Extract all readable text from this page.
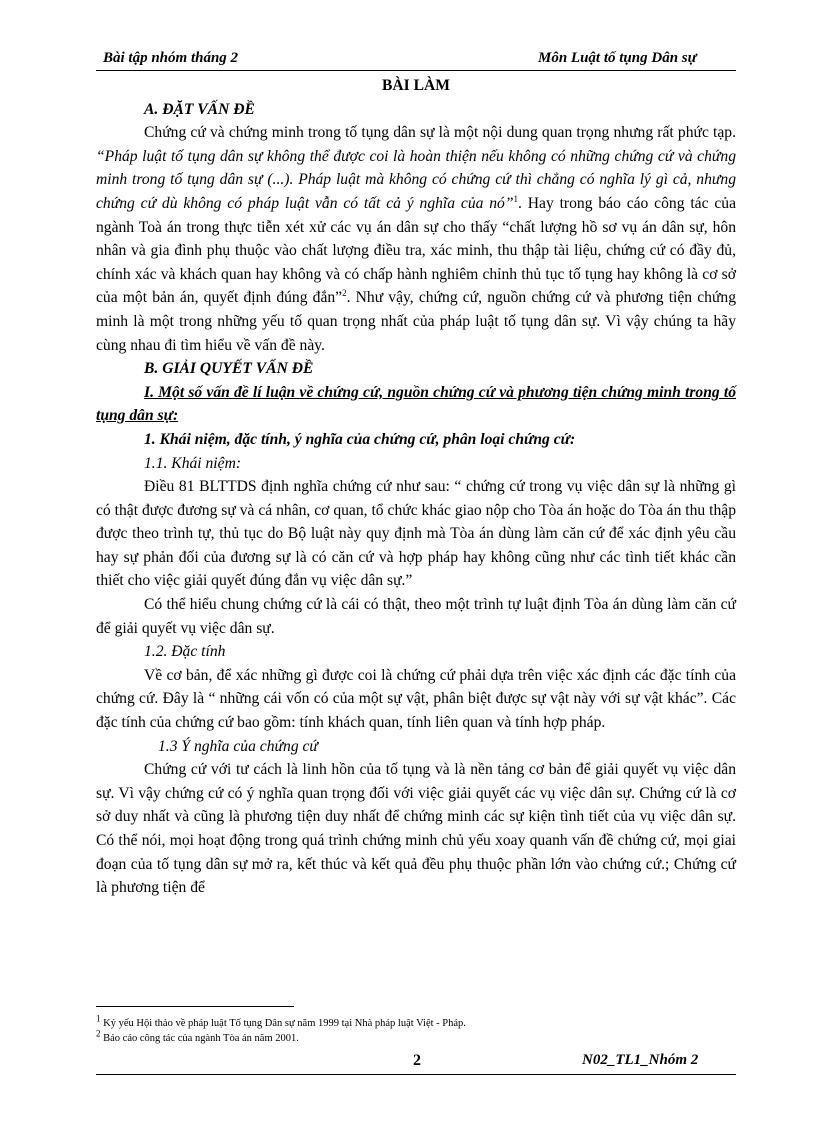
Bài tập nhóm tháng 2	Môn Luật tố tụng Dân sự

BÀI LÀM

A. ĐẶT VẤN ĐỀ

Chứng cứ và chứng minh trong tố tụng dân sự là một nội dung quan trọng nhưng rất phức tạp. “Pháp luật tố tụng dân sự không thể được coi là hoàn thiện nếu không có những chứng cứ và chứng minh trong tố tụng dân sự (...). Pháp luật mà không có chứng cứ thì chẳng có nghĩa lý gì cả, nhưng chứng cứ dù không có pháp luật vẫn có tất cả ý nghĩa của nó”$^1$. Hay trong báo cáo công tác của ngành Toà án trong thực tiễn xét xử các vụ án dân sự cho thấy “chất lượng hồ sơ vụ án dân sự, hôn nhân và gia đình phụ thuộc vào chất lượng điều tra, xác minh, thu thập tài liệu, chứng cứ có đầy đủ, chính xác và khách quan hay không và có chấp hành nghiêm chỉnh thủ tục tố tụng hay không là cơ sở của một bản án, quyết định đúng đắn”$^2$. Như vậy, chứng cứ, nguồn chứng cứ và phương tiện chứng minh là một trong những yếu tố quan trọng nhất của pháp luật tố tụng dân sự. Vì vậy chúng ta hãy cùng nhau đi tìm hiểu về vấn đề này.

B. GIẢI QUYẾT VẤN ĐỀ

I. Một số vấn đề lí luận về chứng cứ, nguồn chứng cứ và phương tiện chứng minh trong tố tụng dân sự:

1. Khái niệm, đặc tính, ý nghĩa của chứng cứ, phân loại chứng cứ:

1.1. Khái niệm:

Điều 81 BLTTDS định nghĩa chứng cứ như sau: “ chứng cứ trong vụ việc dân sự là những gì có thật được đương sự và cá nhân, cơ quan, tổ chức khác giao nộp cho Tòa án hoặc do Tòa án thu thập được theo trình tự, thủ tục do Bộ luật này quy định mà Tòa án dùng làm căn cứ để xác định yêu cầu hay sự phản đối của đương sự là có căn cứ và hợp pháp hay không cũng như các tình tiết khác cần thiết cho việc giải quyết đúng đắn vụ việc dân sự.”

Có thể hiểu chung chứng cứ là cái có thật, theo một trình tự luật định Tòa án dùng làm căn cứ để giải quyết vụ việc dân sự.

1.2. Đặc tính

Về cơ bản, để xác những gì được coi là chứng cứ phải dựa trên việc xác định các đặc tính của chứng cứ. Đây là “ những cái vốn có của một sự vật, phân biệt được sự vật này với sự vật khác”. Các đặc tính của chứng cứ bao gồm: tính khách quan, tính liên quan và tính hợp pháp.

1.3 Ý nghĩa của chứng cứ

Chứng cứ với tư cách là linh hồn của tố tụng và là nền tảng cơ bản để giải quyết vụ việc dân sự. Vì vậy chứng cứ có ý nghĩa quan trọng đối với việc giải quyết các vụ việc dân sự. Chứng cứ là cơ sở duy nhất và cũng là phương tiện duy nhất để chứng minh các sự kiện tình tiết của vụ việc dân sự. Có thể nói, mọi hoạt động trong quá trình chứng minh chủ yếu xoay quanh vấn đề chứng cứ, mọi giai đoạn của tố tụng dân sự mở ra, kết thúc và kết quả đều phụ thuộc phần lớn vào chứng cứ.; Chứng cứ là phương tiện để

$^1$ Kỷ yếu Hội thảo về pháp luật Tố tụng Dân sự năm 1999 tại Nhà pháp luật Việt - Pháp.
$^2$ Báo cáo công tác của ngành Tòa án năm 2001.
2	N02_TL1_Nhóm 2
